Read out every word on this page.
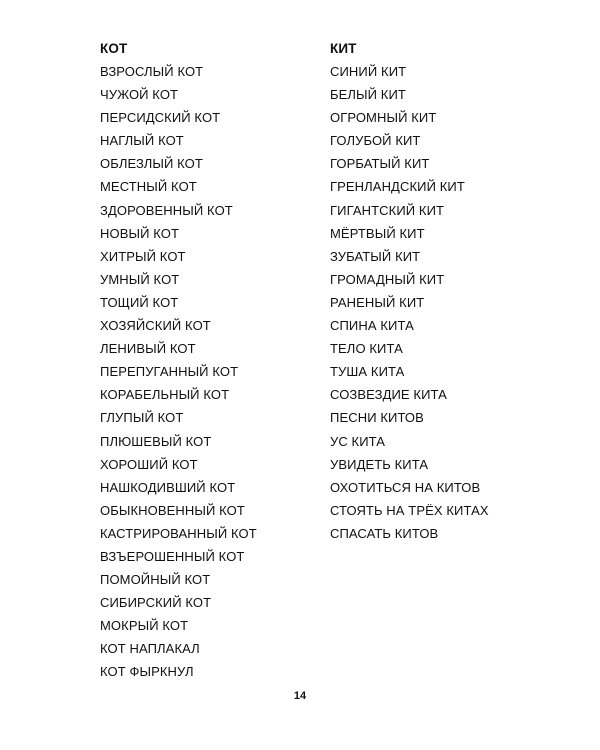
КОТ
ВЗРОСЛЫЙ КОТ
ЧУЖОЙ КОТ
ПЕРСИДСКИЙ КОТ
НАГЛЫЙ КОТ
ОБЛЕЗЛЫЙ КОТ
МЕСТНЫЙ КОТ
ЗДОРОВЕННЫЙ КОТ
НОВЫЙ КОТ
ХИТРЫЙ КОТ
УМНЫЙ КОТ
ТОЩИЙ КОТ
ХОЗЯЙСКИЙ КОТ
ЛЕНИВЫЙ КОТ
ПЕРЕПУГАННЫЙ КОТ
КОРАБЕЛЬНЫЙ КОТ
ГЛУПЫЙ КОТ
ПЛЮШЕВЫЙ КОТ
ХОРОШИЙ КОТ
НАШКОДИВШИЙ КОТ
ОБЫКНОВЕННЫЙ КОТ
КАСТРИРОВАННЫЙ КОТ
ВЗЪЕРОШЕННЫЙ КОТ
ПОМОЙНЫЙ КОТ
СИБИРСКИЙ КОТ
МОКРЫЙ КОТ
КОТ НАПЛАКАЛ
КОТ ФЫРКНУЛ
КИТ
СИНИЙ КИТ
БЕЛЫЙ КИТ
ОГРОМНЫЙ КИТ
ГОЛУБОЙ КИТ
ГОРБАТЫЙ КИТ
ГРЕНЛАНДСКИЙ КИТ
ГИГАНТСКИЙ КИТ
МЁРТВЫЙ КИТ
ЗУБАТЫЙ КИТ
ГРОМАДНЫЙ КИТ
РАНЕНЫЙ КИТ
СПИНА КИТА
ТЕЛО КИТА
ТУША КИТА
СОЗВЕЗДИЕ КИТА
ПЕСНИ КИТОВ
УС КИТА
УВИДЕТЬ КИТА
ОХОТИТЬСЯ НА КИТОВ
СТОЯТЬ НА ТРЁХ КИТАХ
СПАСАТЬ КИТОВ
14
